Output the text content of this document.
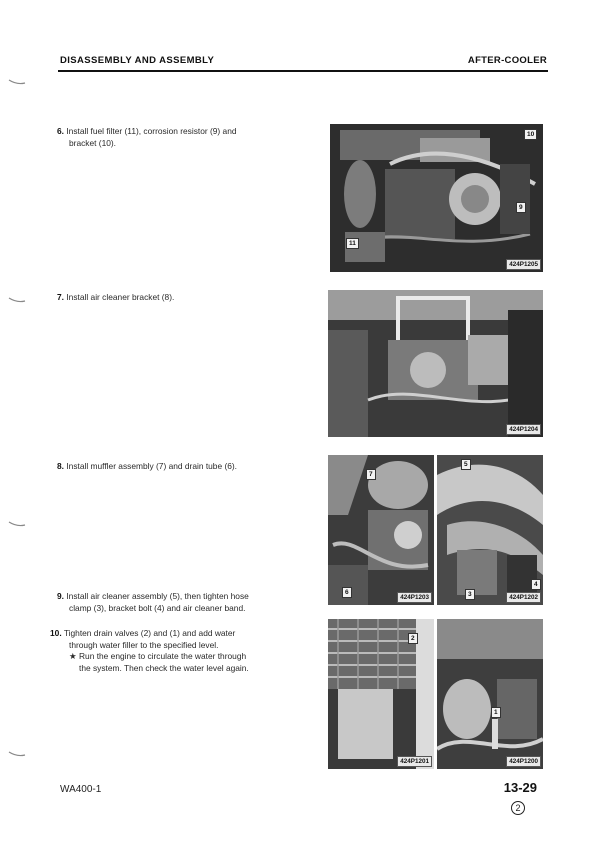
DISASSEMBLY AND ASSEMBLY	AFTER-COOLER
6. Install fuel filter (11), corrosion resistor (9) and
bracket (10).
7. Install air cleaner bracket (8).
8. Install muffler assembly (7) and drain tube (6).
9. Install air cleaner assembly (5), then tighten hose
clamp (3), bracket bolt (4) and air cleaner band.
10. Tighten drain valves (2) and (1) and add water
through water filler to the specified level.
★ Run the engine to circulate the water through
the system. Then check the water level again.
10
9
11
424P1205
424P1204
7
6
424P1203
5
4
3	424P1202
2
424P1201
1
424P1200
WA400-1	13-29
2
